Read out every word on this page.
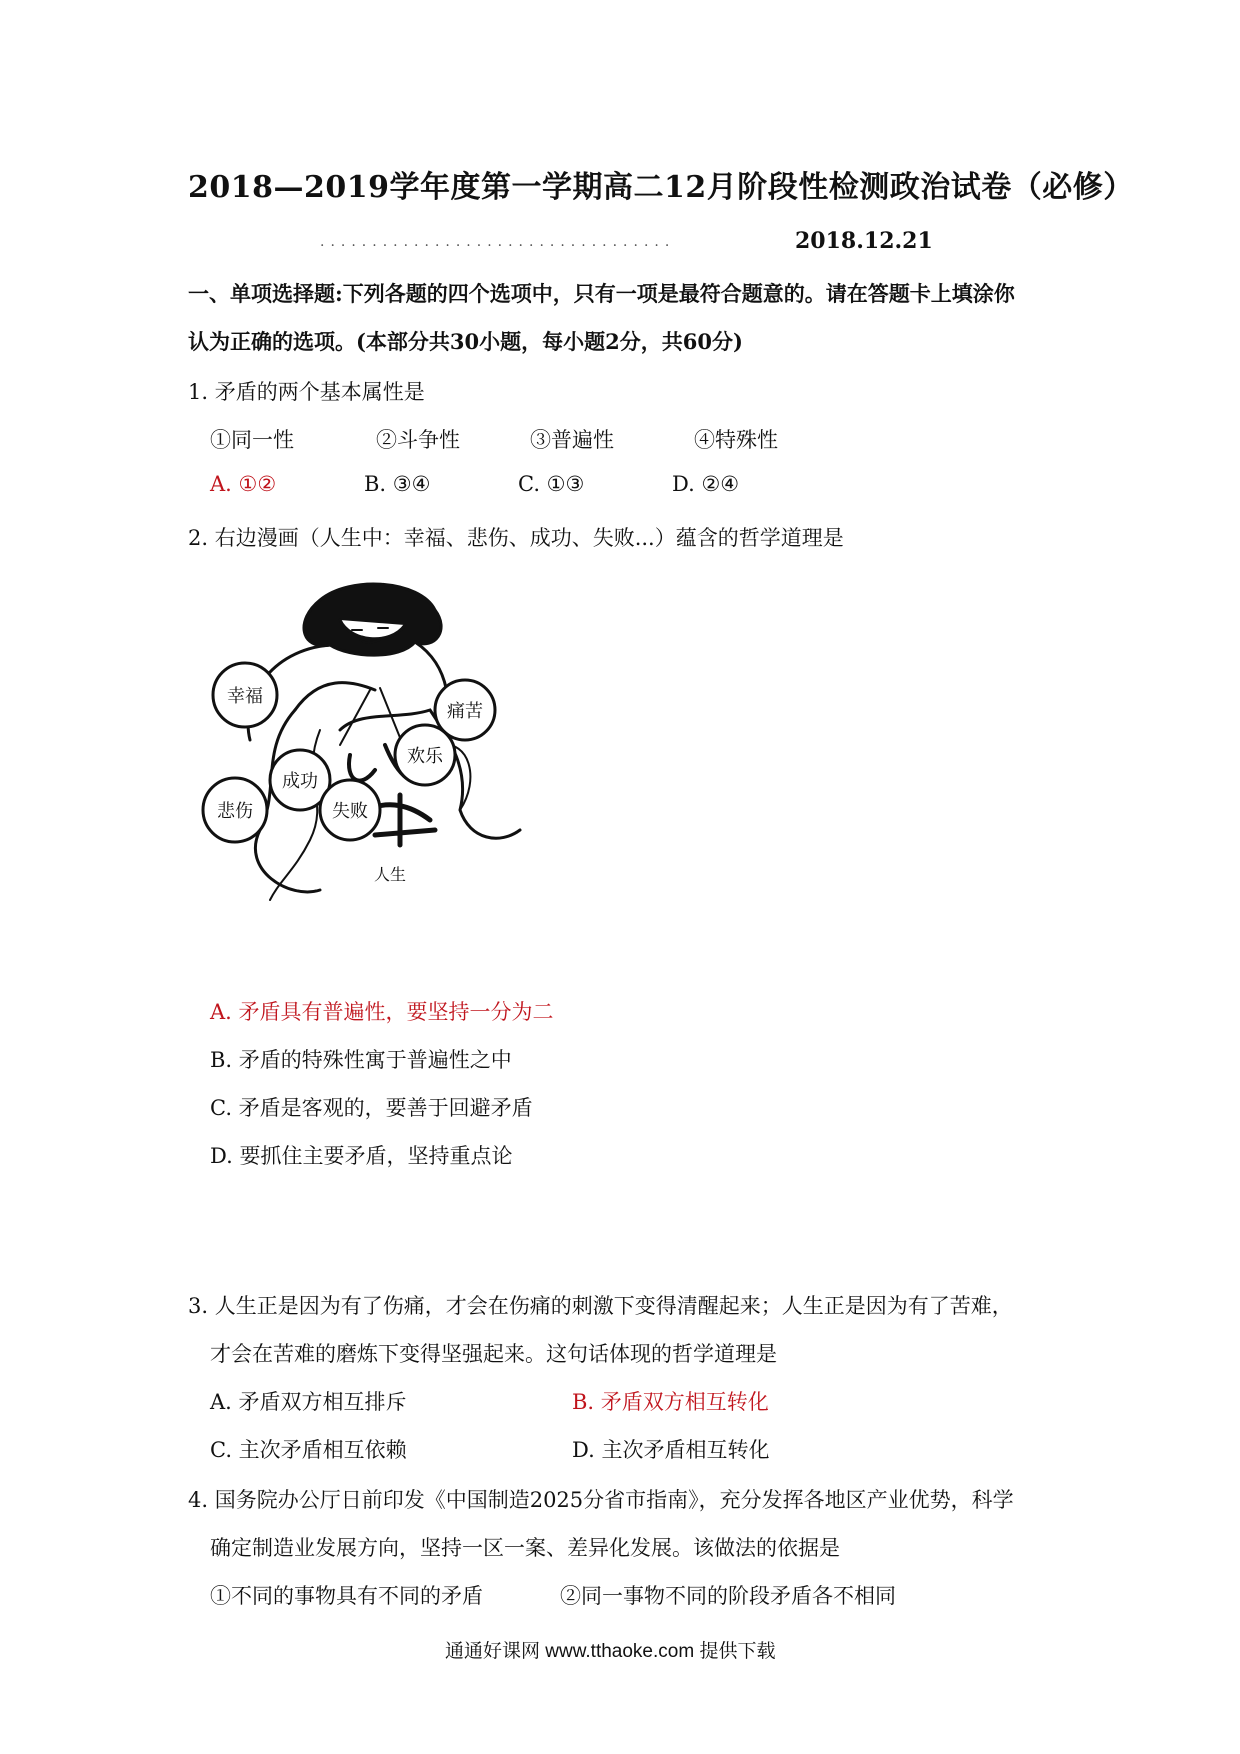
2018—2019学年度第一学期高二12月阶段性检测政治试卷（必修）
··································	2018.12.21
一、单项选择题:下列各题的四个选项中，只有一项是最符合题意的。请在答题卡上填涂你
认为正确的选项。(本部分共30小题，每小题2分，共60分)
1. 矛盾的两个基本属性是
①同一性	②斗争性	③普遍性	④特殊性
A. ①②	B. ③④	C. ①③	D. ②④
2. 右边漫画（人生中：幸福、悲伤、成功、失败...）蕴含的哲学道理是
幸福
痛苦
欢乐
成功
悲伤	失败
人生
A. 矛盾具有普遍性，要坚持一分为二
B. 矛盾的特殊性寓于普遍性之中
C. 矛盾是客观的，要善于回避矛盾
D. 要抓住主要矛盾，坚持重点论
3. 人生正是因为有了伤痛，才会在伤痛的刺激下变得清醒起来；人生正是因为有了苦难，
才会在苦难的磨炼下变得坚强起来。这句话体现的哲学道理是
A. 矛盾双方相互排斥	B. 矛盾双方相互转化
C. 主次矛盾相互依赖	D. 主次矛盾相互转化
4. 国务院办公厅日前印发《中国制造2025分省市指南》，充分发挥各地区产业优势，科学
确定制造业发展方向，坚持一区一案、差异化发展。该做法的依据是
①不同的事物具有不同的矛盾	②同一事物不同的阶段矛盾各不相同
通通好课网 www.tthaoke.com 提供下载
